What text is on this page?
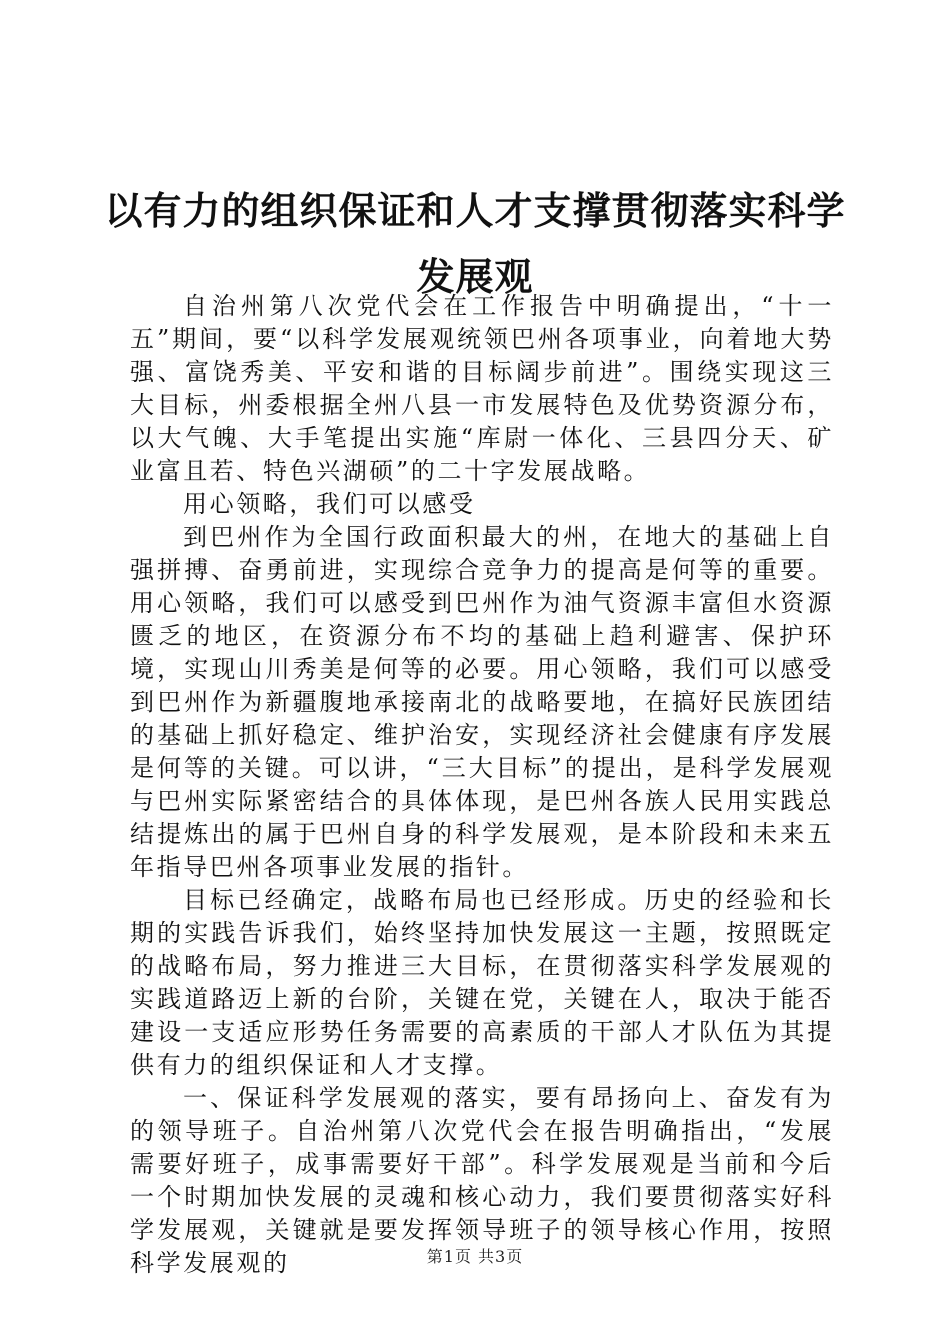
以有力的组织保证和人才支撑贯彻落实科学发展观

自治州第八次党代会在工作报告中明确提出，“十一五”期间，要“以科学发展观统领巴州各项事业，向着地大势强、富饶秀美、平安和谐的目标阔步前进”。围绕实现这三大目标，州委根据全州八县一市发展特色及优势资源分布，以大气魄、大手笔提出实施“库尉一体化、三县四分天、矿业富且若、特色兴湖硕”的二十字发展战略。

用心领略，我们可以感受

到巴州作为全国行政面积最大的州，在地大的基础上自强拼搏、奋勇前进，实现综合竞争力的提高是何等的重要。用心领略，我们可以感受到巴州作为油气资源丰富但水资源匮乏的地区，在资源分布不均的基础上趋利避害、保护环境，实现山川秀美是何等的必要。用心领略，我们可以感受到巴州作为新疆腹地承接南北的战略要地，在搞好民族团结的基础上抓好稳定、维护治安，实现经济社会健康有序发展是何等的关键。可以讲，“三大目标”的提出，是科学发展观与巴州实际紧密结合的具体体现，是巴州各族人民用实践总结提炼出的属于巴州自身的科学发展观，是本阶段和未来五年指导巴州各项事业发展的指针。

目标已经确定，战略布局也已经形成。历史的经验和长期的实践告诉我们，始终坚持加快发展这一主题，按照既定的战略布局，努力推进三大目标，在贯彻落实科学发展观的实践道路迈上新的台阶，关键在党，关键在人，取决于能否建设一支适应形势任务需要的高素质的干部人才队伍为其提供有力的组织保证和人才支撑。

一、保证科学发展观的落实，要有昂扬向上、奋发有为的领导班子。自治州第八次党代会在报告明确指出，“发展需要好班子，成事需要好干部”。科学发展观是当前和今后一个时期加快发展的灵魂和核心动力，我们要贯彻落实好科学发展观，关键就是要发挥领导班子的领导核心作用，按照科学发展观的	第1页 共3页
